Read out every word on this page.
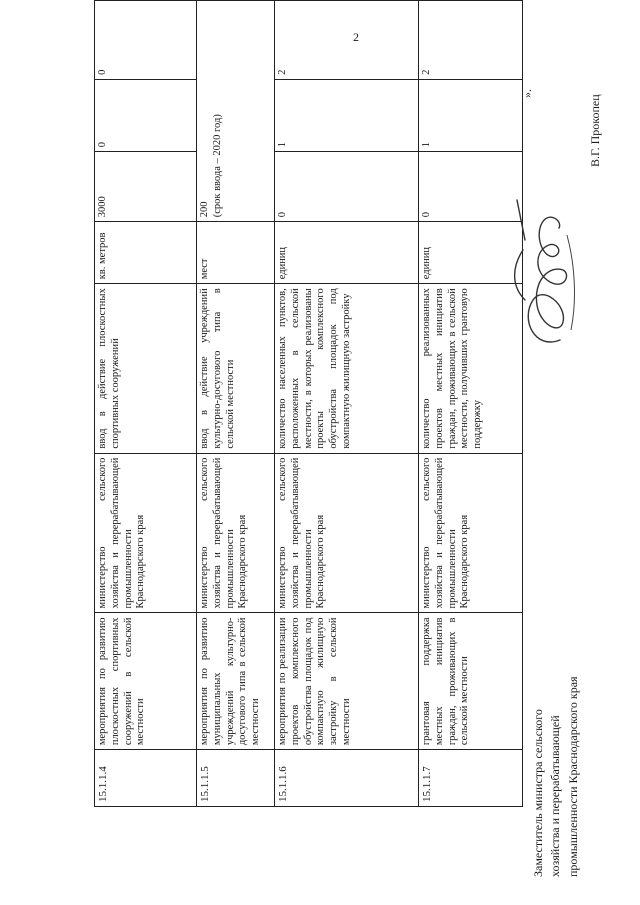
2
15.1.1.4	мероприятия по развитию плоскостных спортивных сооружений в сельской местности	министерство сельского хозяйства и перерабатывающей промышленности Краснодарского края	ввод в действие плоскостных спортивных сооружений	кв. метров	3000	0	0
15.1.1.5	мероприятия по развитию муниципальных учреждений культурно-досугового типа в сельской местности	министерство сельского хозяйства и перерабатывающей промышленности Краснодарского края	ввод в действие учреждений культурно-досугового типа в сельской местности	мест	200 (срок ввода – 2020 год)		

15.1.1.6	мероприятия по реализации проектов комплексного обустройства площадок под компактную жилищную застройку в сельской местности	министерство сельского хозяйства и перерабатывающей промышленности Краснодарского края	количество населенных пунктов, расположенных в сельской местности, в которых реализованы проекты комплексного обустройства площадок под компактную жилищную застройку	единиц	0	1	2
15.1.1.7	грантовая поддержка местных инициатив граждан, проживающих в сельской местности	министерство сельского хозяйства и перерабатывающей промышленности Краснодарского края	количество реализованных проектов местных инициатив граждан, проживающих в сельской местности, получивших грантовую поддержку	единиц	0	1	2
».
Заместитель министра сельского хозяйства и перерабатывающей промышленности Краснодарского края
В.Г. Прокопец
